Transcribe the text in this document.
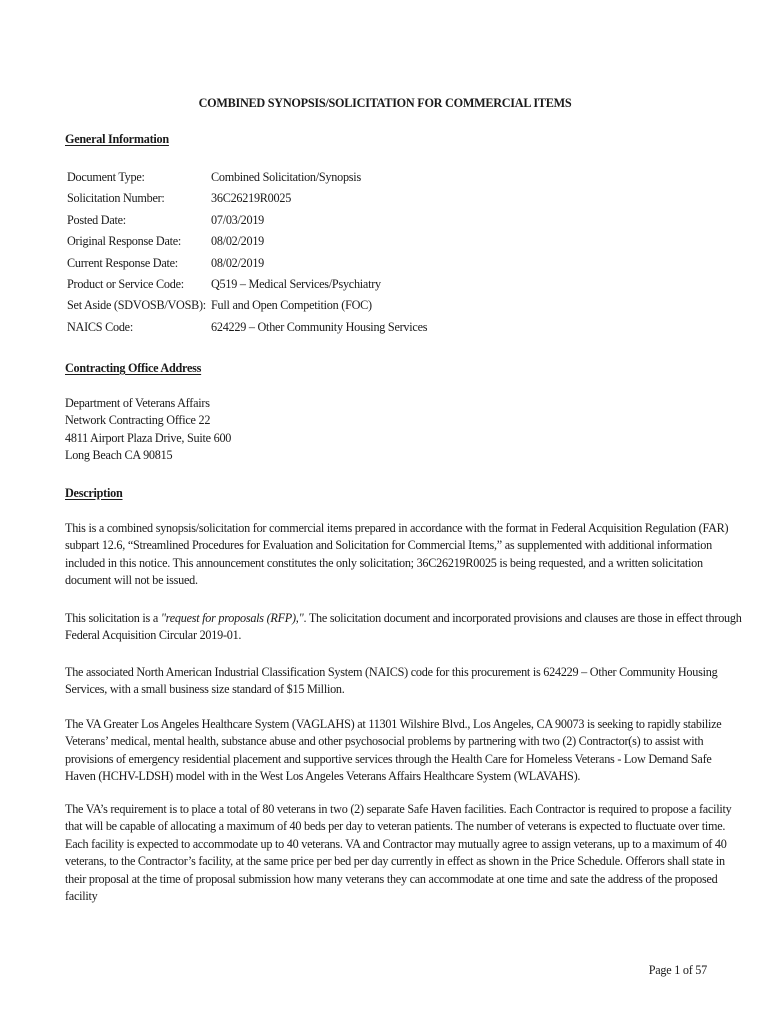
COMBINED SYNOPSIS/SOLICITATION FOR COMMERCIAL ITEMS
General Information
Document Type:	Combined Solicitation/Synopsis
Solicitation Number:	36C26219R0025
Posted Date:	07/03/2019
Original Response Date:	08/02/2019
Current Response Date:	08/02/2019
Product or Service Code:	Q519 – Medical Services/Psychiatry
Set Aside (SDVOSB/VOSB):	Full and Open Competition (FOC)
NAICS Code:	624229 – Other Community Housing Services
Contracting Office Address
Department of Veterans Affairs
Network Contracting Office 22
4811 Airport Plaza Drive, Suite 600
Long Beach CA 90815
Description

This is a combined synopsis/solicitation for commercial items prepared in accordance with the format in Federal Acquisition Regulation (FAR)
subpart 12.6, “Streamlined Procedures for Evaluation and Solicitation for Commercial Items,” as supplemented with additional information
included in this notice. This announcement constitutes the only solicitation; 36C26219R0025 is being requested, and a written solicitation
document will not be issued.

This solicitation is a "request for proposals (RFP),". The solicitation document and incorporated provisions and clauses are those in effect through
Federal Acquisition Circular 2019-01.

The associated North American Industrial Classification System (NAICS) code for this procurement is 624229 – Other Community Housing
Services, with a small business size standard of $15 Million.

The VA Greater Los Angeles Healthcare System (VAGLAHS) at 11301 Wilshire Blvd., Los Angeles, CA 90073 is seeking to rapidly stabilize
Veterans’ medical, mental health, substance abuse and other psychosocial problems by partnering with two (2) Contractor(s) to assist with
provisions of emergency residential placement and supportive services through the Health Care for Homeless Veterans - Low Demand Safe
Haven (HCHV-LDSH) model with in the West Los Angeles Veterans Affairs Healthcare System (WLAVAHS).

The VA’s requirement is to place a total of 80 veterans in two (2) separate Safe Haven facilities. Each Contractor is required to propose a facility
that will be capable of allocating a maximum of 40 beds per day to veteran patients. The number of veterans is expected to fluctuate over time.
Each facility is expected to accommodate up to 40 veterans. VA and Contractor may mutually agree to assign veterans, up to a maximum of 40
veterans, to the Contractor’s facility, at the same price per bed per day currently in effect as shown in the Price Schedule. Offerors shall state in
their proposal at the time of proposal submission how many veterans they can accommodate at one time and sate the address of the proposed
facility

Page 1 of 57
